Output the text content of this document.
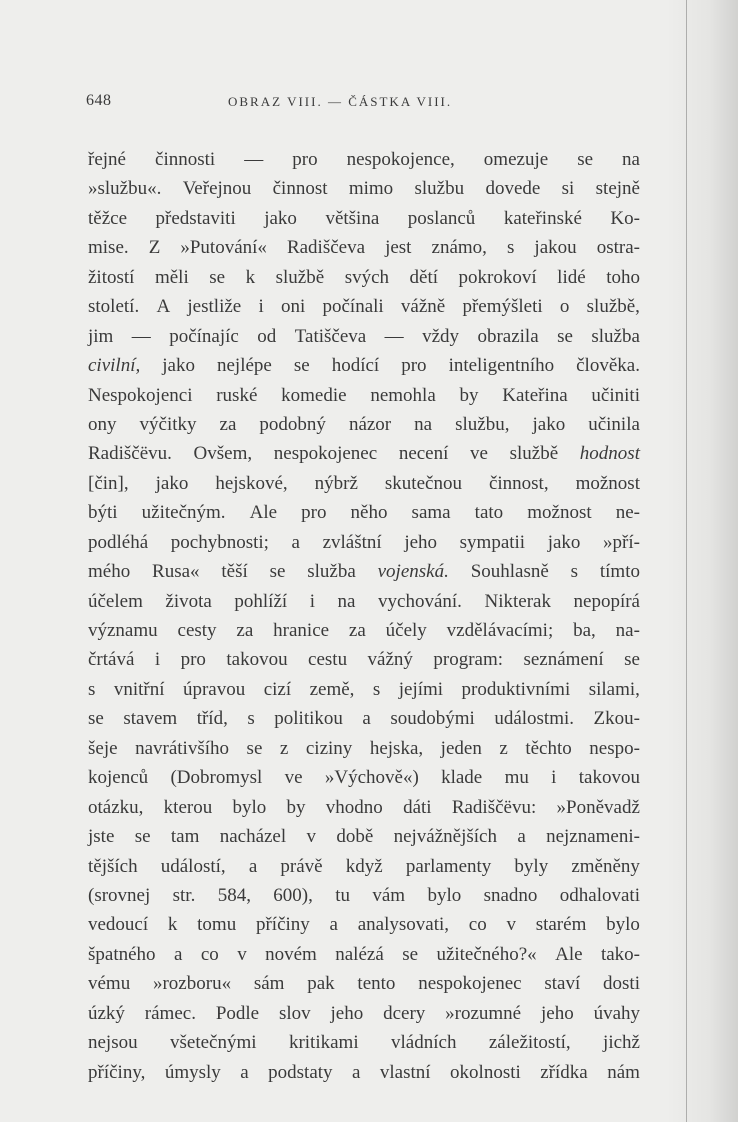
648	OBRAZ VIII. — ČÁSTKA VIII.
řejné činnosti — pro nespokojence, omezuje se na
»službu«. Veřejnou činnost mimo službu dovede si stejně
těžce představiti jako většina poslanců kateřinské Ko-
mise. Z »Putování« Radiščeva jest známo, s jakou ostra-
žitostí měli se k službě svých dětí pokrokoví lidé toho
století. A jestliže i oni počínali vážně přemýšleti o službě,
jim — počínajíc od Tatiščeva — vždy obrazila se služba
civilní, jako nejlépe se hodící pro inteligentního člověka.
Nespokojenci ruské komedie nemohla by Kateřina učiniti
ony výčitky za podobný názor na službu, jako učinila
Radiščëvu. Ovšem, nespokojenec necení ve službě hodnost
[čin], jako hejskové, nýbrž skutečnou činnost, možnost
býti užitečným. Ale pro něho sama tato možnost ne-
podléhá pochybnosti; a zvláštní jeho sympatii jako »pří-
mého Rusa« těší se služba vojenská. Souhlasně s tímto
účelem života pohlíží i na vychování. Nikterak nepopírá
významu cesty za hranice za účely vzdělávacími; ba, na-
črtává i pro takovou cestu vážný program: seznámení se
s vnitřní úpravou cizí země, s jejími produktivními silami,
se stavem tříd, s politikou a soudobými událostmi. Zkou-
šeje navrátivšího se z ciziny hejska, jeden z těchto nespo-
kojenců (Dobromysl ve »Výchově«) klade mu i takovou
otázku, kterou bylo by vhodno dáti Radiščëvu: »Poněvadž
jste se tam nacházel v době nejvážnějších a nejznameni-
tějších událostí, a právě když parlamenty byly změněny
(srovnej str. 584, 600), tu vám bylo snadno odhalovati
vedoucí k tomu příčiny a analysovati, co v starém bylo
špatného a co v novém nalézá se užitečného?« Ale tako-
vému »rozboru« sám pak tento nespokojenec staví dosti
úzký rámec. Podle slov jeho dcery »rozumné jeho úvahy
nejsou všetečnými kritikami vládních záležitostí, jichž
příčiny, úmysly a podstaty a vlastní okolnosti zřídka nám
